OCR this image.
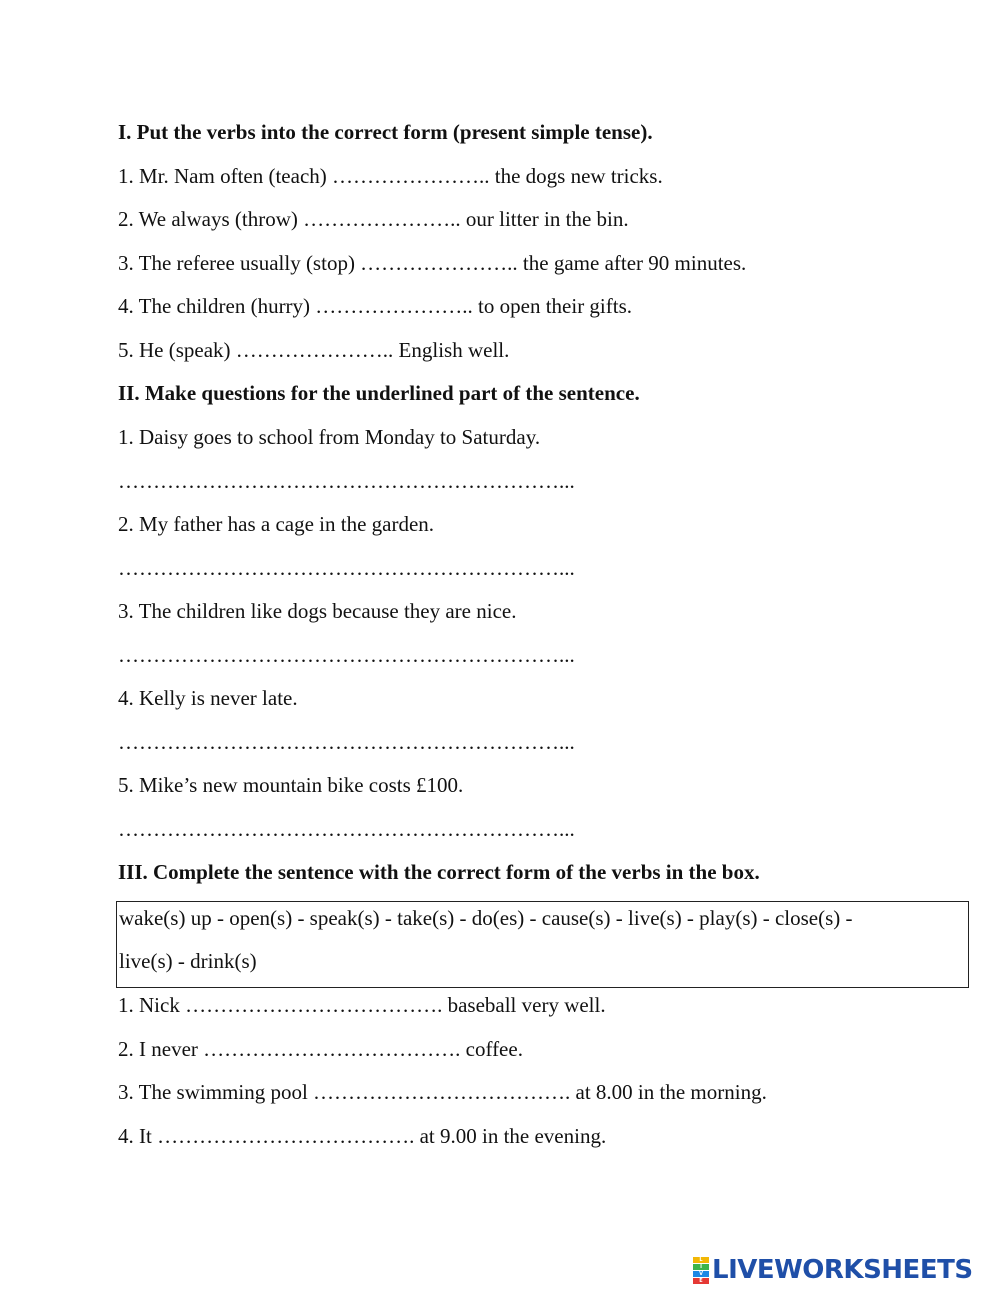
I. Put the verbs into the correct form (present simple tense).

1. Mr. Nam often (teach) ………………….. the dogs new tricks.

2. We always (throw) ………………….. our litter in the bin.

3. The referee usually (stop) ………………….. the game after 90 minutes.

4. The children (hurry) ………………….. to open their gifts.

5. He (speak) ………………….. English well.

II. Make questions for the underlined part of the sentence.

1. Daisy goes to school from Monday to Saturday.

………………………………………………………...

2. My father has a cage in the garden.

………………………………………………………...

3. The children like dogs because they are nice.

………………………………………………………...

4. Kelly is never late.

………………………………………………………...

5. Mike’s new mountain bike costs £100.

………………………………………………………...

III. Complete the sentence with the correct form of the verbs in the box.

wake(s) up - open(s) - speak(s) - take(s) - do(es) - cause(s) - live(s) - play(s) - close(s) -
live(s) - drink(s)

1. Nick ………………………………. baseball very well.

2. I never ………………………………. coffee.

3. The swimming pool ………………………………. at 8.00 in the morning.

4. It ………………………………. at 9.00 in the evening.

L
I
V
E LIVEWORKSHEETS
